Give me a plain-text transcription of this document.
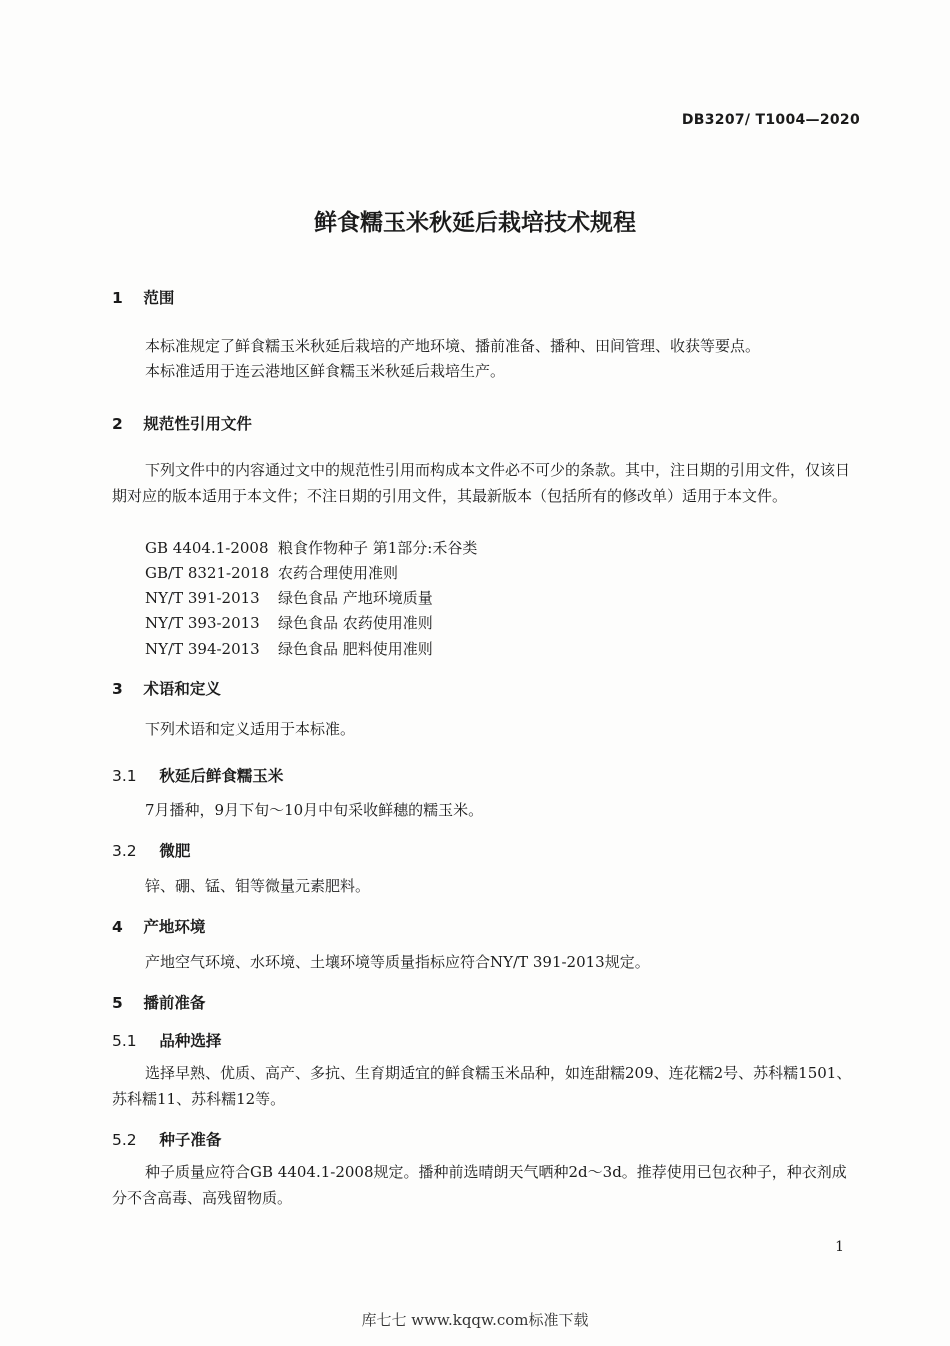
DB3207/ T1004—2020
鲜食糯玉米秋延后栽培技术规程
1 范围
本标准规定了鲜食糯玉米秋延后栽培的产地环境、播前准备、播种、田间管理、收获等要点。
本标准适用于连云港地区鲜食糯玉米秋延后栽培生产。
2 规范性引用文件
下列文件中的内容通过文中的规范性引用而构成本文件必不可少的条款。其中，注日期的引用文件，仅该日期对应的版本适用于本文件；不注日期的引用文件，其最新版本（包括所有的修改单）适用于本文件。
GB 4404.1-2008 粮食作物种子 第1部分:禾谷类
GB/T 8321-2018 农药合理使用准则
NY/T 391-2013 绿色食品 产地环境质量
NY/T 393-2013 绿色食品 农药使用准则
NY/T 394-2013 绿色食品 肥料使用准则
3 术语和定义
下列术语和定义适用于本标准。
3.1 秋延后鲜食糯玉米
7月播种，9月下旬～10月中旬采收鲜穗的糯玉米。
3.2 微肥
锌、硼、锰、钼等微量元素肥料。
4 产地环境
产地空气环境、水环境、土壤环境等质量指标应符合NY/T 391-2013规定。
5 播前准备
5.1 品种选择
选择早熟、优质、高产、多抗、生育期适宜的鲜食糯玉米品种，如连甜糯209、连花糯2号、苏科糯1501、苏科糯11、苏科糯12等。
5.2 种子准备
种子质量应符合GB 4404.1-2008规定。播种前选晴朗天气晒种2d～3d。推荐使用已包衣种子，种衣剂成分不含高毒、高残留物质。
1
库七七 www.kqqw.com标准下载
